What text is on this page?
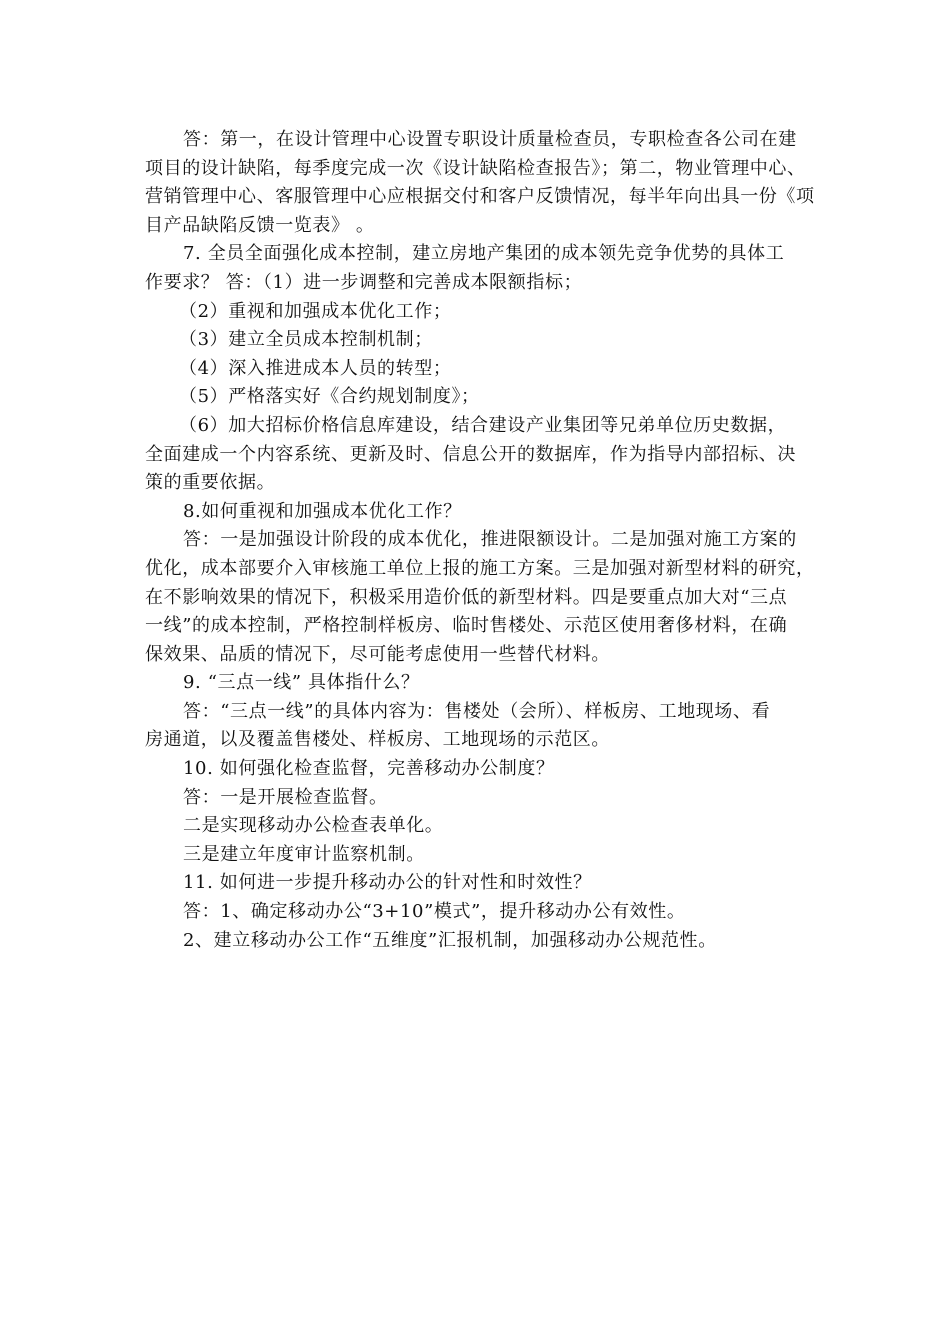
答：第一，在设计管理中心设置专职设计质量检查员，专职检查各公司在建
项目的设计缺陷，每季度完成一次《设计缺陷检查报告》；第二，物业管理中心、
营销管理中心、客服管理中心应根据交付和客户反馈情况，每半年向出具一份《项
目产品缺陷反馈一览表》 。
7. 全员全面强化成本控制，建立房地产集团的成本领先竞争优势的具体工
作要求？ 答：（1）进一步调整和完善成本限额指标；
（2）重视和加强成本优化工作；
（3）建立全员成本控制机制；
（4）深入推进成本人员的转型；
（5）严格落实好《合约规划制度》；
（6）加大招标价格信息库建设，结合建设产业集团等兄弟单位历史数据，
全面建成一个内容系统、更新及时、信息公开的数据库，作为指导内部招标、决
策的重要依据。
8.如何重视和加强成本优化工作？
答：一是加强设计阶段的成本优化，推进限额设计。二是加强对施工方案的
优化，成本部要介入审核施工单位上报的施工方案。三是加强对新型材料的研究，
在不影响效果的情况下，积极采用造价低的新型材料。四是要重点加大对“三点
一线”的成本控制，严格控制样板房、临时售楼处、示范区使用奢侈材料，在确
保效果、品质的情况下，尽可能考虑使用一些替代材料。
9. “三点一线” 具体指什么？
答：“三点一线”的具体内容为：售楼处（会所）、样板房、工地现场、看
房通道，以及覆盖售楼处、样板房、工地现场的示范区。
10. 如何强化检查监督，完善移动办公制度？
答：一是开展检查监督。
二是实现移动办公检查表单化。
三是建立年度审计监察机制。
11. 如何进一步提升移动办公的针对性和时效性？
答：1、确定移动办公“3+10”模式”，提升移动办公有效性。
2、建立移动办公工作“五维度”汇报机制，加强移动办公规范性。
